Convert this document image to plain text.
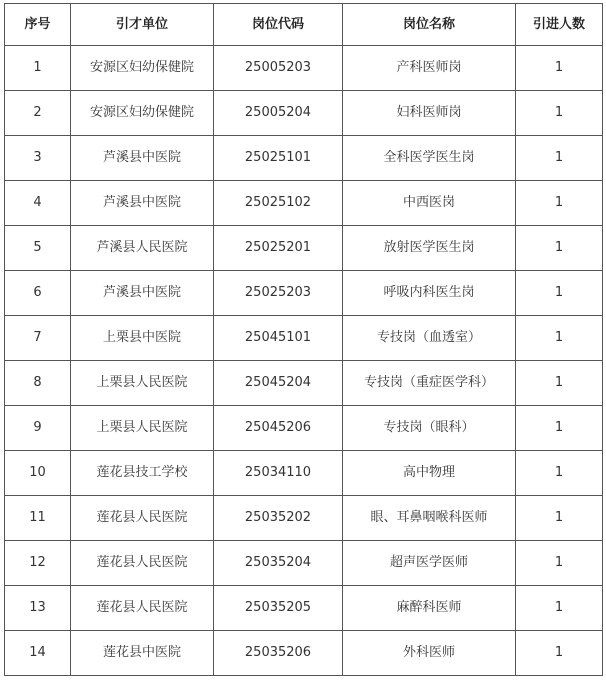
序号	引才单位	岗位代码	岗位名称	引进人数
1	安源区妇幼保健院	25005203	产科医师岗	1
2	安源区妇幼保健院	25005204	妇科医师岗	1
3	芦溪县中医院	25025101	全科医学医生岗	1
4	芦溪县中医院	25025102	中西医岗	1
5	芦溪县人民医院	25025201	放射医学医生岗	1
6	芦溪县中医院	25025203	呼吸内科医生岗	1
7	上栗县中医院	25045101	专技岗（血透室）	1
8	上栗县人民医院	25045204	专技岗（重症医学科）	1
9	上栗县人民医院	25045206	专技岗（眼科）	1
10	莲花县技工学校	25034110	高中物理	1
11	莲花县人民医院	25035202	眼、耳鼻咽喉科医师	1
12	莲花县人民医院	25035204	超声医学医师	1
13	莲花县人民医院	25035205	麻醉科医师	1
14	莲花县中医院	25035206	外科医师	1
